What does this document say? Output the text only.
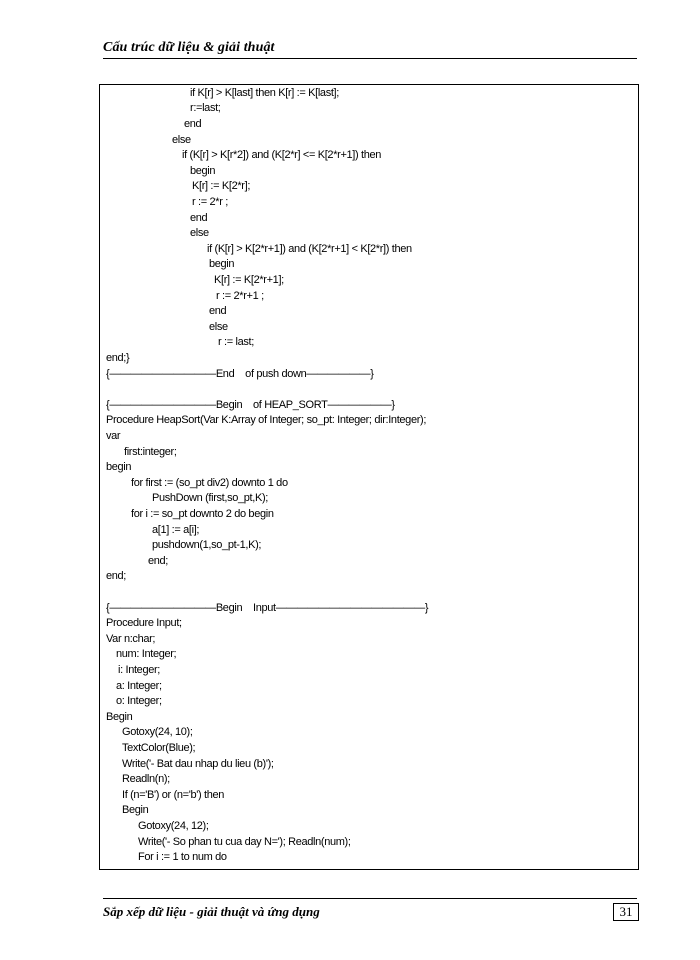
Cấu trúc dữ liệu & giải thuật
if K[r] > K[last] then K[r] := K[last];
r:=last;
end
else
if (K[r] > K[r*2]) and (K[2*r] <= K[2*r+1]) then
begin
K[r] := K[2*r];
r := 2*r ;
end
else
if (K[r] > K[2*r+1]) and (K[2*r+1] < K[2*r]) then
begin
K[r] := K[2*r+1];
r := 2*r+1 ;
end
else
r := last;
end;}
{——————————End    of push down——————}
{——————————Begin    of HEAP_SORT——————}
Procedure HeapSort(Var K:Array of Integer; so_pt: Integer; dir:Integer);
var
first:integer;
begin
for first := (so_pt div2) downto 1 do
PushDown (first,so_pt,K);
for i := so_pt downto 2 do begin
a[1] := a[i];
pushdown(1,so_pt-1,K);
end;
end;
{——————————Begin    Input——————————————}
Procedure Input;
Var n:char;
num: Integer;
i: Integer;
a: Integer;
o: Integer;
Begin
Gotoxy(24, 10);
TextColor(Blue);
Write('- Bat dau nhap du lieu (b)');
Readln(n);
If (n='B') or (n='b') then
Begin
Gotoxy(24, 12);
Write('- So phan tu cua day N='); Readln(num);
For i := 1 to num do
Sắp xếp dữ liệu - giải thuật và ứng dụng	31
